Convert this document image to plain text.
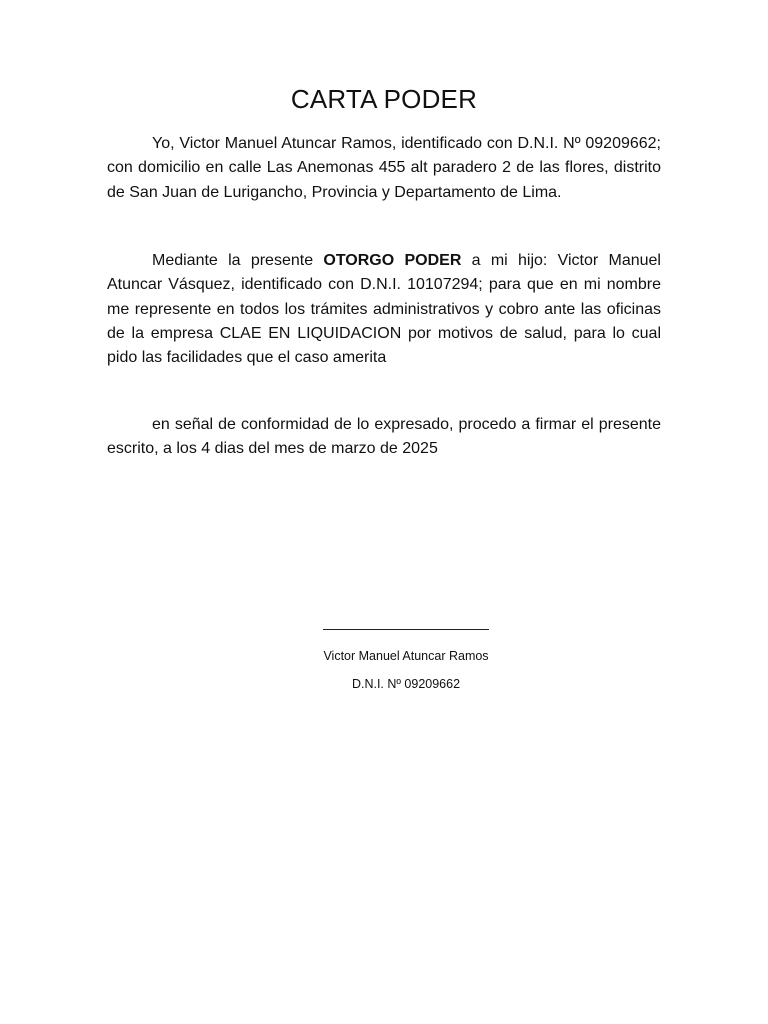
CARTA PODER

Yo, Victor Manuel Atuncar Ramos, identificado con D.N.I. Nº 09209662; con domicilio en calle Las Anemonas 455 alt paradero 2 de las flores, distrito de San Juan de Lurigancho, Provincia y Departamento de Lima.

Mediante la presente OTORGO PODER a mi hijo: Victor Manuel Atuncar Vásquez, identificado con D.N.I. 10107294; para que en mi nombre me represente en todos los trámites administrativos y cobro ante las oficinas de la empresa CLAE EN LIQUIDACION por motivos de salud, para lo cual pido las facilidades que el caso amerita

en señal de conformidad de lo expresado, procedo a firmar el presente escrito, a los 4 dias del mes de marzo de 2025

Victor Manuel Atuncar Ramos
D.N.I. Nº 09209662
